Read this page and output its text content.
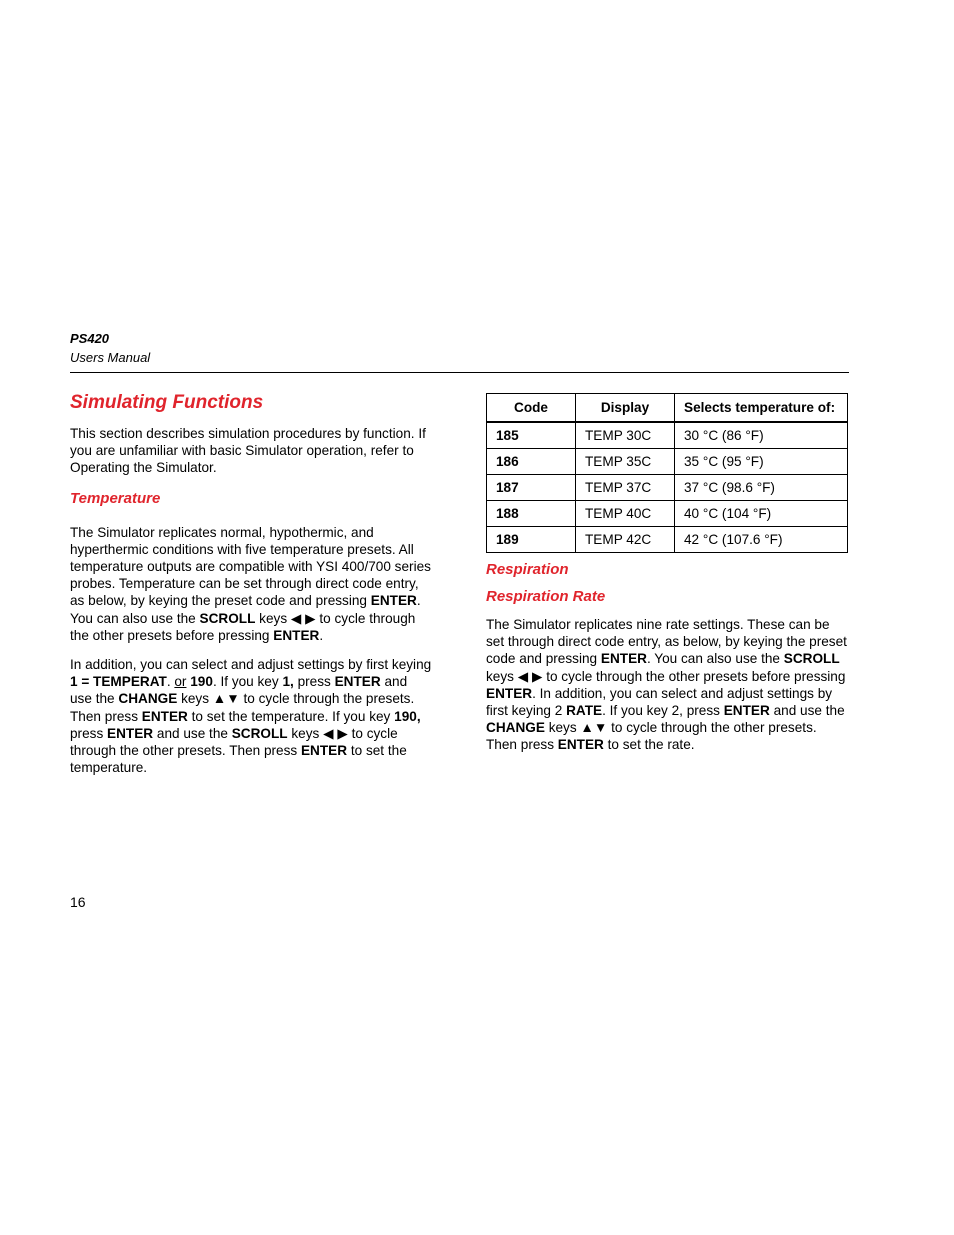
PS420
Users Manual
Simulating Functions

This section describes simulation procedures by function. If you are unfamiliar with basic Simulator operation, refer to Operating the Simulator.

Temperature

The Simulator replicates normal, hypothermic, and hyperthermic conditions with five temperature presets. All temperature outputs are compatible with YSI 400/700 series probes. Temperature can be set through direct code entry, as below, by keying the preset code and pressing ENTER. You can also use the SCROLL keys ◀ ▶ to cycle through the other presets before pressing ENTER.

In addition, you can select and adjust settings by first keying 1 = TEMPERAT. or 190. If you key 1, press ENTER and use the CHANGE keys ▲▼ to cycle through the presets. Then press ENTER to set the temperature. If you key 190, press ENTER and use the SCROLL keys ◀ ▶ to cycle through the other presets. Then press ENTER to set the temperature.

Code	Display	Selects temperature of:
185	TEMP 30C	30 °C (86 °F)
186	TEMP 35C	35 °C (95 °F)
187	TEMP 37C	37 °C (98.6 °F)
188	TEMP 40C	40 °C (104 °F)
189	TEMP 42C	42 °C (107.6 °F)
Respiration
Respiration Rate

The Simulator replicates nine rate settings. These can be set through direct code entry, as below, by keying the preset code and pressing ENTER. You can also use the SCROLL keys ◀ ▶ to cycle through the other presets before pressing ENTER. In addition, you can select and adjust settings by first keying 2 RATE. If you key 2, press ENTER and use the CHANGE keys ▲▼ to cycle through the other presets. Then press ENTER to set the rate.

16
